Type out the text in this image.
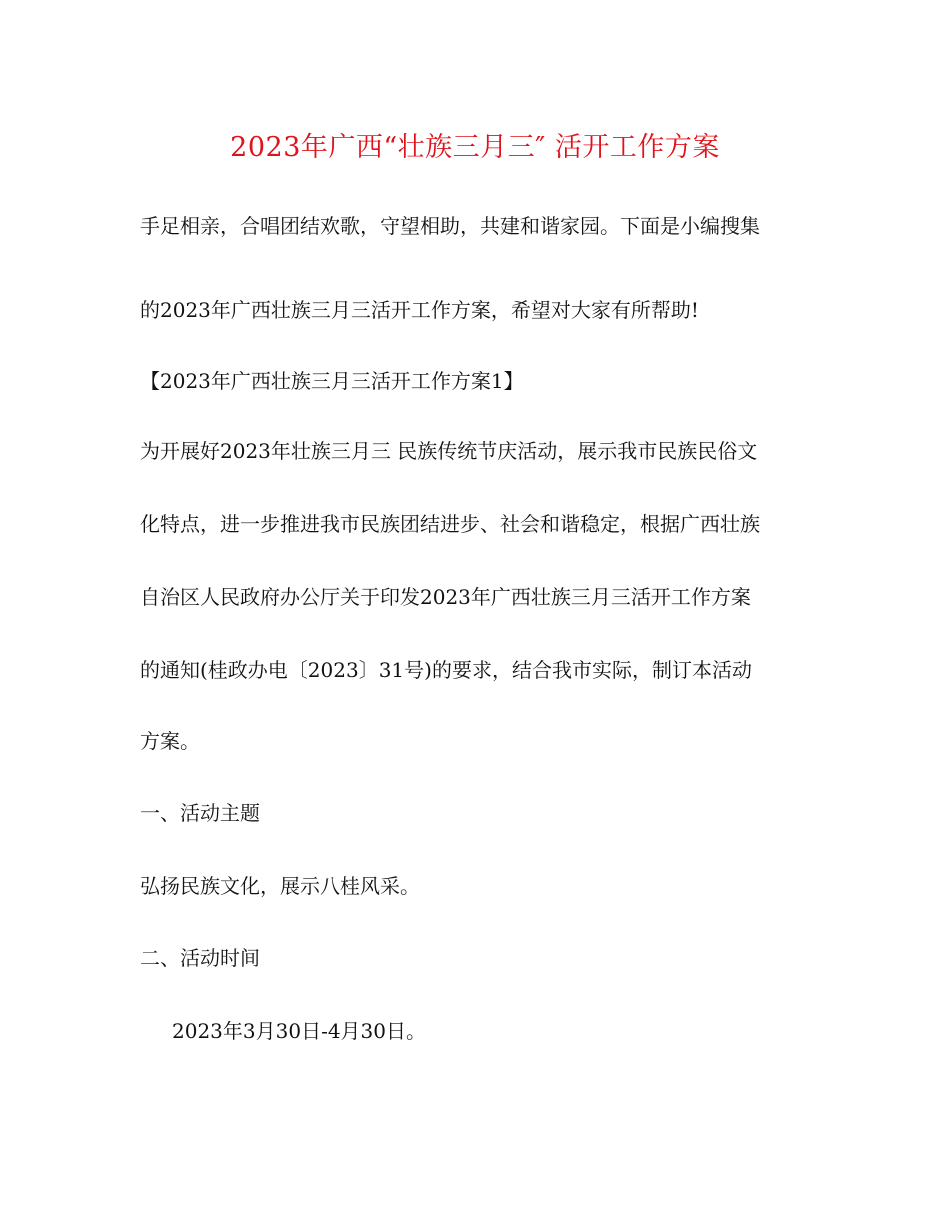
2023年广西“壮族三月三″ 活开工作方案
手足相亲，合唱团结欢歌，守望相助，共建和谐家园。下面是小编搜集
的2023年广西壮族三月三活开工作方案，希望对大家有所帮助!
【2023年广西壮族三月三活开工作方案1】
为开展好2023年壮族三月三 民族传统节庆活动，展示我市民族民俗文
化特点，进一步推进我市民族团结进步、社会和谐稳定，根据广西壮族
自治区人民政府办公厅关于印发2023年广西壮族三月三活开工作方案
的通知(桂政办电〔2023〕31号)的要求，结合我市实际，制订本活动
方案。
一、活动主题
弘扬民族文化，展示八桂风采。
二、活动时间
2023年3月30日-4月30日。
